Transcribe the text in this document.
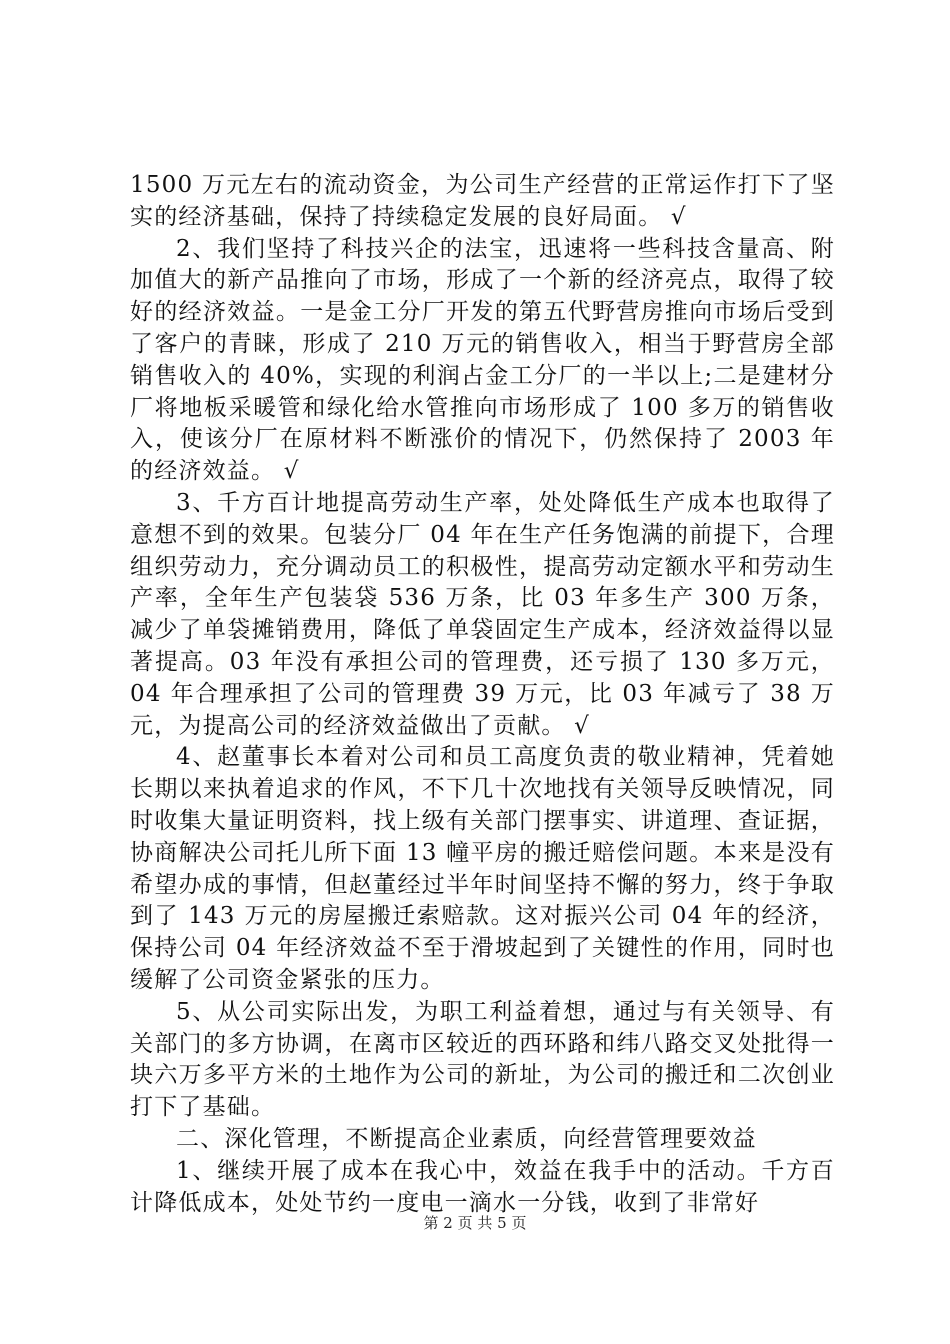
1500 万元左右的流动资金，为公司生产经营的正常运作打下了坚实的经济基础，保持了持续稳定发展的良好局面。 √

2、我们坚持了科技兴企的法宝，迅速将一些科技含量高、附加值大的新产品推向了市场，形成了一个新的经济亮点，取得了较好的经济效益。一是金工分厂开发的第五代野营房推向市场后受到了客户的青睐，形成了 210 万元的销售收入，相当于野营房全部销售收入的 40%，实现的利润占金工分厂的一半以上;二是建材分厂将地板采暖管和绿化给水管推向市场形成了 100 多万的销售收入，使该分厂在原材料不断涨价的情况下，仍然保持了 2003 年的经济效益。 √

3、千方百计地提高劳动生产率，处处降低生产成本也取得了意想不到的效果。包装分厂 04 年在生产任务饱满的前提下，合理组织劳动力，充分调动员工的积极性，提高劳动定额水平和劳动生产率，全年生产包装袋 536 万条，比 03 年多生产 300 万条，减少了单袋摊销费用，降低了单袋固定生产成本，经济效益得以显著提高。03 年没有承担公司的管理费，还亏损了 130 多万元，04 年合理承担了公司的管理费 39 万元，比 03 年减亏了 38 万元，为提高公司的经济效益做出了贡献。 √

4、赵董事长本着对公司和员工高度负责的敬业精神，凭着她长期以来执着追求的作风，不下几十次地找有关领导反映情况，同时收集大量证明资料，找上级有关部门摆事实、讲道理、查证据，协商解决公司托儿所下面 13 幢平房的搬迁赔偿问题。本来是没有希望办成的事情，但赵董经过半年时间坚持不懈的努力，终于争取到了 143 万元的房屋搬迁索赔款。这对振兴公司 04 年的经济，保持公司 04 年经济效益不至于滑坡起到了关键性的作用，同时也缓解了公司资金紧张的压力。

5、从公司实际出发，为职工利益着想，通过与有关领导、有关部门的多方协调，在离市区较近的西环路和纬八路交叉处批得一块六万多平方米的土地作为公司的新址，为公司的搬迁和二次创业打下了基础。

二、深化管理，不断提高企业素质，向经营管理要效益

1、继续开展了成本在我心中，效益在我手中的活动。千方百计降低成本，处处节约一度电一滴水一分钱，收到了非常好

第 2 页 共 5 页
